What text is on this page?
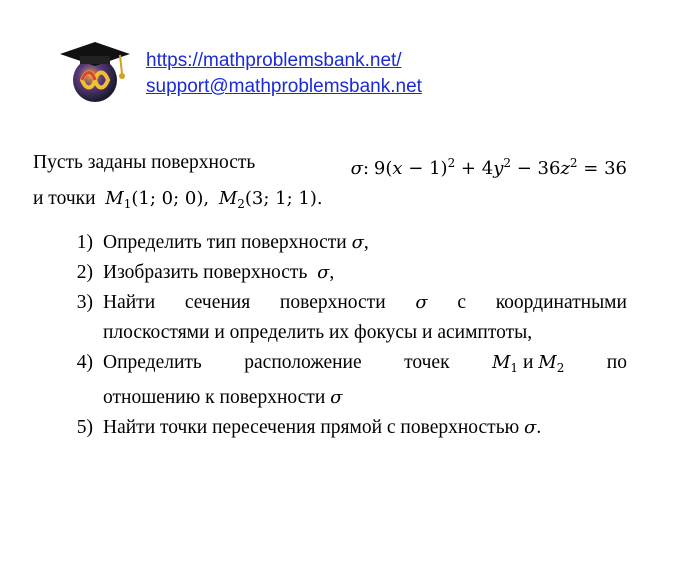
https://mathproblemsbank.net/
support@mathproblemsbank.net
Пусть заданы поверхность	σ: $9(x - 1)^2 + 4y^2 - 36z^2 = 36$
и точки $M_1(1$; 0; 0), $M_2(3$; 1; 1).
1) Определить тип поверхности σ,
2) Изобразить поверхность σ,
3) Найти сечения поверхности σ с координатными
плоскостями и определить их фокусы и асимптоты,
4) Определить расположение точек $M_1$ и $M_2$ по
отношению к поверхности σ
5) Найти точки пересечения прямой с поверхностью σ.
